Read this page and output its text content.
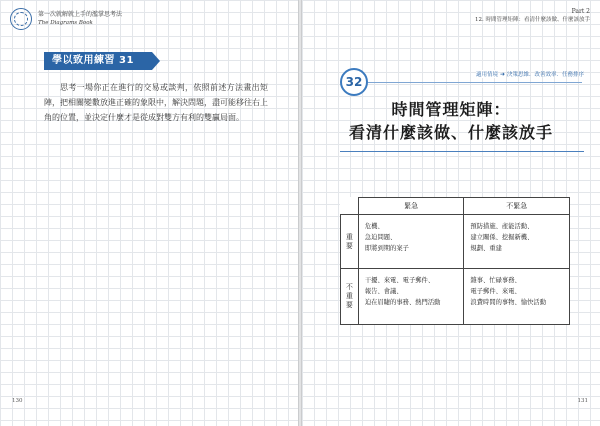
第一次就解就上手的濫掌思考法
The Diagrams Book
學以致用練習 31

思考一場你正在進行的交易或談判，依照前述方法畫出矩陣，把相關變數放進正確的象限中，解決問題，盡可能移往右上角的位置，並決定什麼才是從成對雙方有利的雙贏局面。

130
Part 2
12. 時間管理矩陣：看清什麼該做、什麼該放手
32	適用情境 ➜ 決策思維．改善效率．任務排序
時間管理矩陣：
看清什麼該做、什麼該放手
	緊急	不緊急

重要	危機、
急迫問題、
即將到期的案子	預防措施、產能活動、
建立關係、挖掘新機、
規劃、重建

不重要	干擾、來電、電子郵件、
報告、會議、
迫在眉睫的事務、熱門活動	雜事、忙碌事務、
電子郵件、來電、
浪費時間的事物、愉快活動
131
